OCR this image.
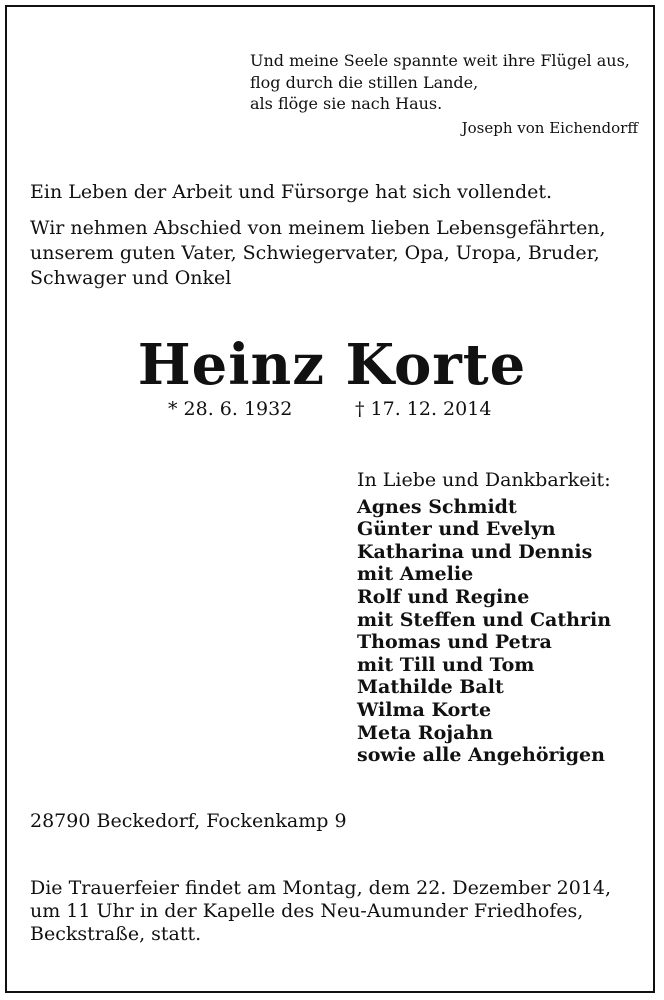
Und meine Seele spannte weit ihre Flügel aus,
flog durch die stillen Lande,
als flöge sie nach Haus.
Joseph von Eichendorff

Ein Leben der Arbeit und Fürsorge hat sich vollendet.

Wir nehmen Abschied von meinem lieben Lebensgefährten, unserem guten Vater, Schwiegervater, Opa, Uropa, Bruder, Schwager und Onkel

Heinz Korte
* 28. 6. 1932	† 17. 12. 2014
In Liebe und Dankbarkeit:
Agnes Schmidt
Günter und Evelyn
Katharina und Dennis
mit Amelie
Rolf und Regine
mit Steffen und Cathrin
Thomas und Petra
mit Till und Tom
Mathilde Balt
Wilma Korte
Meta Rojahn
sowie alle Angehörigen
28790 Beckedorf, Fockenkamp 9
Die Trauerfeier findet am Montag, dem 22. Dezember 2014,
um 11 Uhr in der Kapelle des Neu-Aumunder Friedhofes,
Beckstraße, statt.
